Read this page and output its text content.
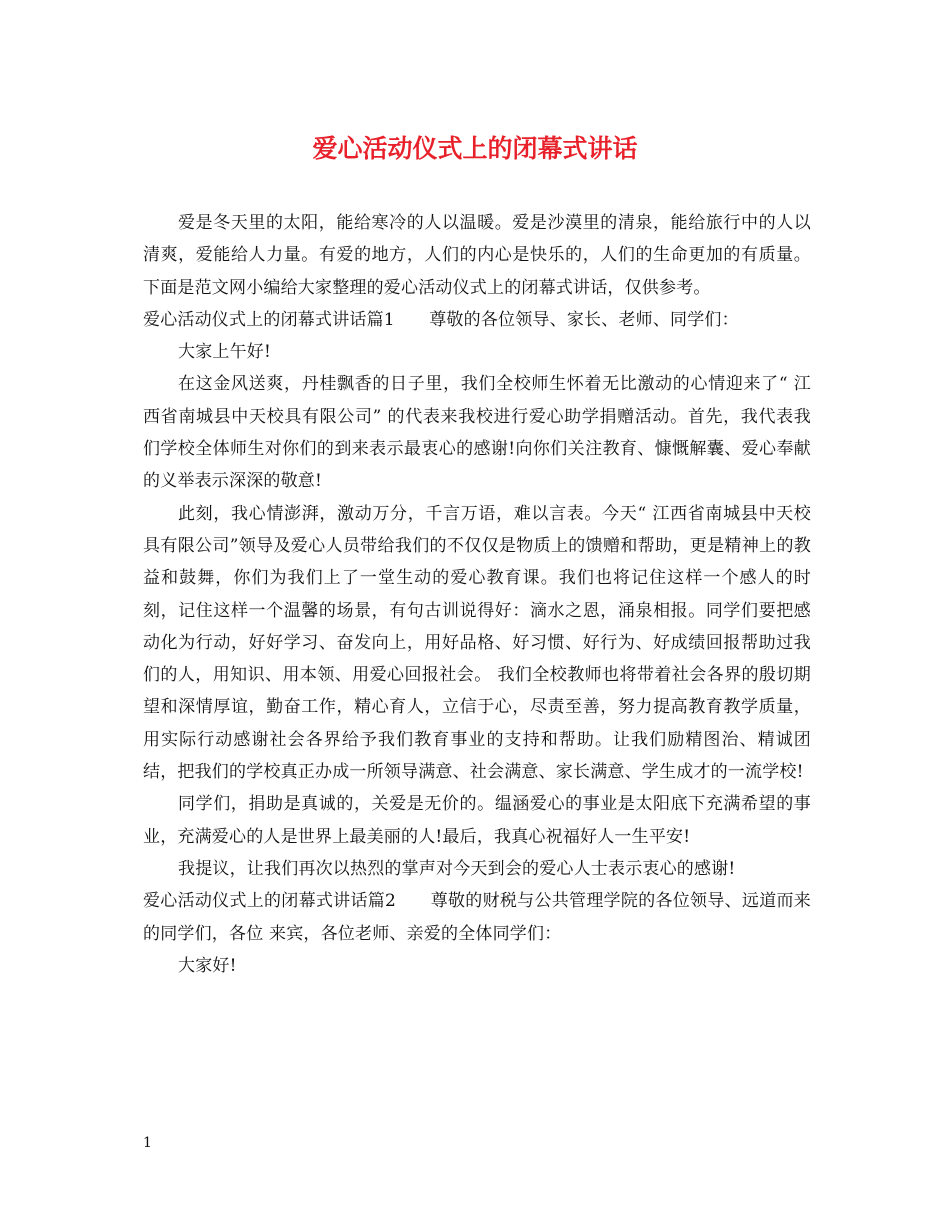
爱心活动仪式上的闭幕式讲话

爱是冬天里的太阳，能给寒冷的人以温暖。爱是沙漠里的清泉，能给旅行中的人以清爽，爱能给人力量。有爱的地方，人们的内心是快乐的，人们的生命更加的有质量。下面是范文网小编给大家整理的爱心活动仪式上的闭幕式讲话，仅供参考。

爱心活动仪式上的闭幕式讲话篇1　　尊敬的各位领导、家长、老师、同学们：

大家上午好!

在这金风送爽，丹桂飘香的日子里，我们全校师生怀着无比激动的心情迎来了“ 江西省南城县中天校具有限公司” 的代表来我校进行爱心助学捐赠活动。首先，我代表我们学校全体师生对你们的到来表示最衷心的感谢!向你们关注教育、慷慨解囊、爱心奉献的义举表示深深的敬意!

此刻，我心情澎湃，激动万分，千言万语，难以言表。今天“ 江西省南城县中天校具有限公司”领导及爱心人员带给我们的不仅仅是物质上的馈赠和帮助，更是精神上的教益和鼓舞，你们为我们上了一堂生动的爱心教育课。我们也将记住这样一个感人的时刻，记住这样一个温馨的场景，有句古训说得好：滴水之恩，涌泉相报。同学们要把感动化为行动，好好学习、奋发向上，用好品格、好习惯、好行为、好成绩回报帮助过我们的人，用知识、用本领、用爱心回报社会。 我们全校教师也将带着社会各界的殷切期望和深情厚谊，勤奋工作，精心育人，立信于心，尽责至善，努力提高教育教学质量，用实际行动感谢社会各界给予我们教育事业的支持和帮助。让我们励精图治、精诚团结，把我们的学校真正办成一所领导满意、社会满意、家长满意、学生成才的一流学校!

同学们，捐助是真诚的，关爱是无价的。缊涵爱心的事业是太阳底下充满希望的事业，充满爱心的人是世界上最美丽的人!最后，我真心祝福好人一生平安!

我提议，让我们再次以热烈的掌声对今天到会的爱心人士表示衷心的感谢!

爱心活动仪式上的闭幕式讲话篇2　　尊敬的财税与公共管理学院的各位领导、远道而来的同学们，各位 来宾，各位老师、亲爱的全体同学们：

大家好!

1
